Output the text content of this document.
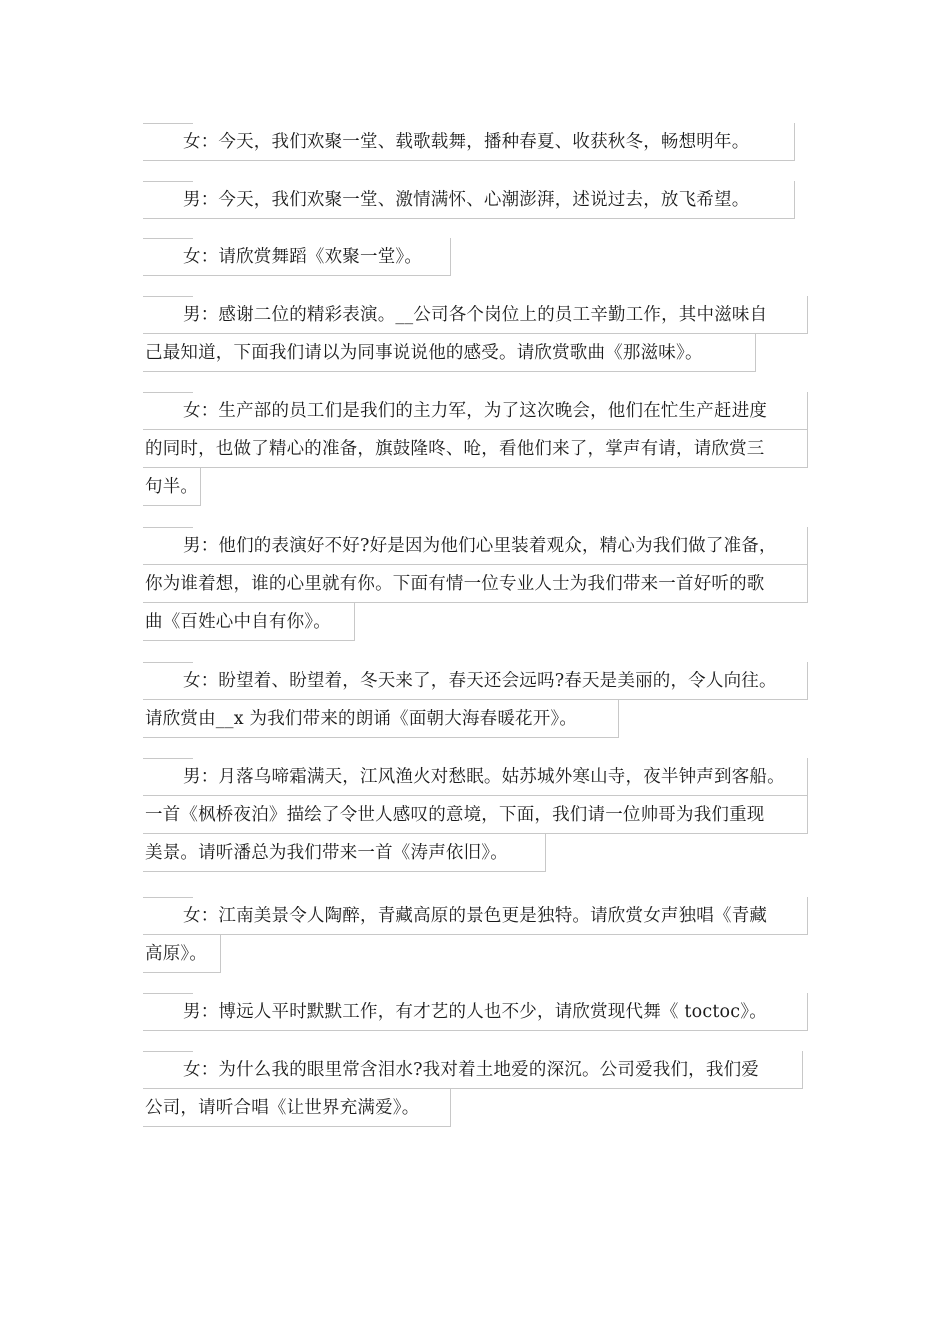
女：今天，我们欢聚一堂、载歌载舞，播种春夏、收获秋冬，畅想明年。
男：今天，我们欢聚一堂、激情满怀、心潮澎湃，述说过去，放飞希望。
女：请欣赏舞蹈《欢聚一堂》。
男：感谢二位的精彩表演。__公司各个岗位上的员工辛勤工作，其中滋味自
己最知道，下面我们请以为同事说说他的感受。请欣赏歌曲《那滋味》。
女：生产部的员工们是我们的主力军，为了这次晚会，他们在忙生产赶进度
的同时，也做了精心的准备，旗鼓隆咚、呛，看他们来了，掌声有请，请欣赏三
句半。
男：他们的表演好不好?好是因为他们心里装着观众，精心为我们做了准备，
你为谁着想，谁的心里就有你。下面有情一位专业人士为我们带来一首好听的歌
曲《百姓心中自有你》。
女：盼望着、盼望着，冬天来了，春天还会远吗?春天是美丽的，令人向往。
请欣赏由__x 为我们带来的朗诵《面朝大海春暖花开》。
男：月落乌啼霜满天，江风渔火对愁眠。姑苏城外寒山寺，夜半钟声到客船。
一首《枫桥夜泊》描绘了令世人感叹的意境，下面，我们请一位帅哥为我们重现
美景。请听潘总为我们带来一首《涛声依旧》。
女：江南美景令人陶醉，青藏高原的景色更是独特。请欣赏女声独唱《青藏
高原》。
男：博远人平时默默工作，有才艺的人也不少，请欣赏现代舞《 toctoc》。
女：为什么我的眼里常含泪水?我对着土地爱的深沉。公司爱我们，我们爱
公司，请听合唱《让世界充满爱》。
